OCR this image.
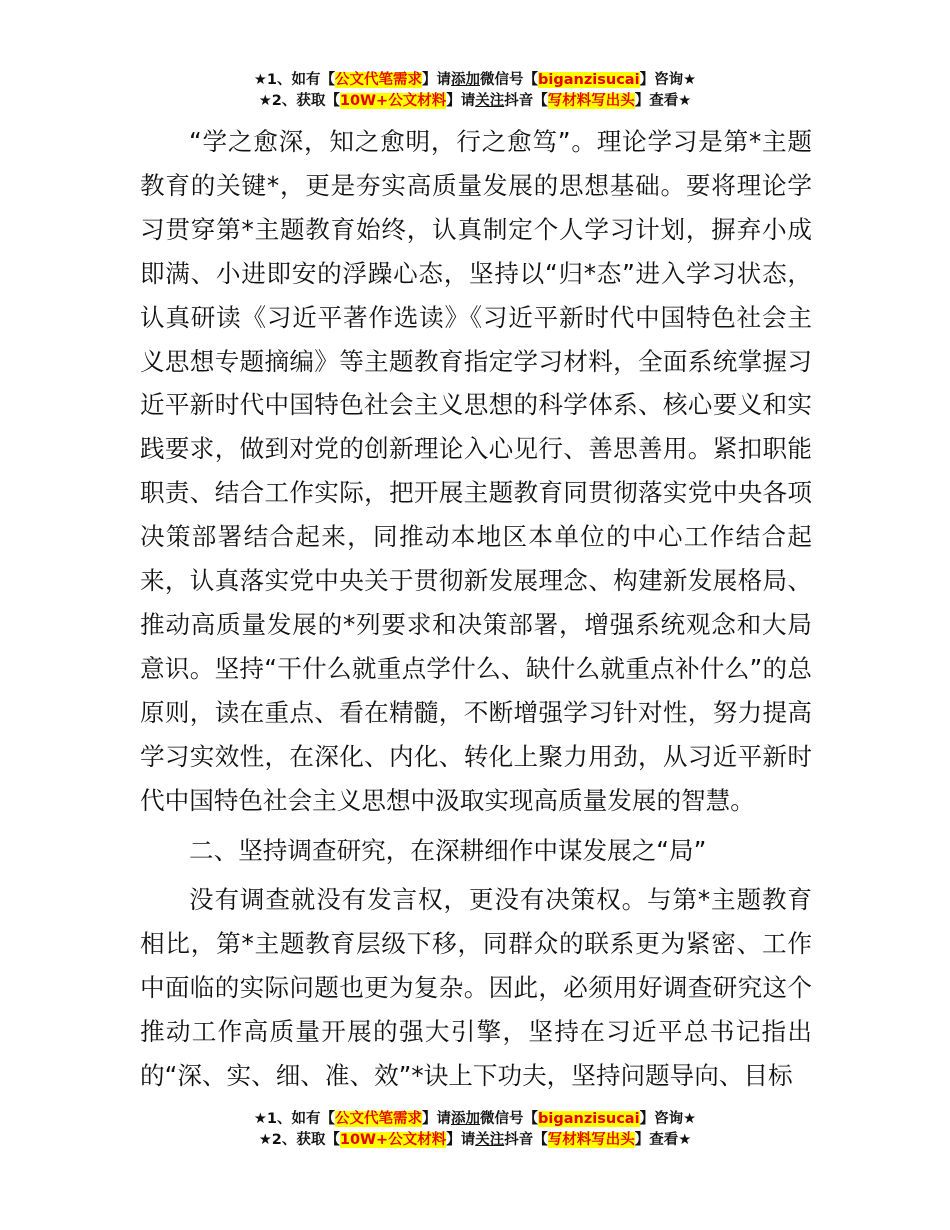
★1、如有【公文代笔需求】请添加微信号【biganzisucai】咨询★
★2、获取【10W+公文材料】请关注抖音【写材料写出头】查看★

“学之愈深，知之愈明，行之愈笃”。理论学习是第*主题教育的关键*，更是夯实高质量发展的思想基础。要将理论学习贯穿第*主题教育始终，认真制定个人学习计划，摒弃小成即满、小进即安的浮躁心态，坚持以“归*态”进入学习状态，认真研读《习近平著作选读》《习近平新时代中国特色社会主义思想专题摘编》等主题教育指定学习材料，全面系统掌握习近平新时代中国特色社会主义思想的科学体系、核心要义和实践要求，做到对党的创新理论入心见行、善思善用。紧扣职能职责、结合工作实际，把开展主题教育同贯彻落实党中央各项决策部署结合起来，同推动本地区本单位的中心工作结合起来，认真落实党中央关于贯彻新发展理念、构建新发展格局、推动高质量发展的*列要求和决策部署，增强系统观念和大局意识。坚持“干什么就重点学什么、缺什么就重点补什么”的总原则，读在重点、看在精髓，不断增强学习针对性，努力提高学习实效性，在深化、内化、转化上聚力用劲，从习近平新时代中国特色社会主义思想中汲取实现高质量发展的智慧。

二、坚持调查研究，在深耕细作中谋发展之“局”

没有调查就没有发言权，更没有决策权。与第*主题教育相比，第*主题教育层级下移，同群众的联系更为紧密、工作中面临的实际问题也更为复杂。因此，必须用好调查研究这个推动工作高质量开展的强大引擎，坚持在习近平总书记指出的“深、实、细、准、效”*诀上下功夫，坚持问题导向、目标

★1、如有【公文代笔需求】请添加微信号【biganzisucai】咨询★
★2、获取【10W+公文材料】请关注抖音【写材料写出头】查看★
